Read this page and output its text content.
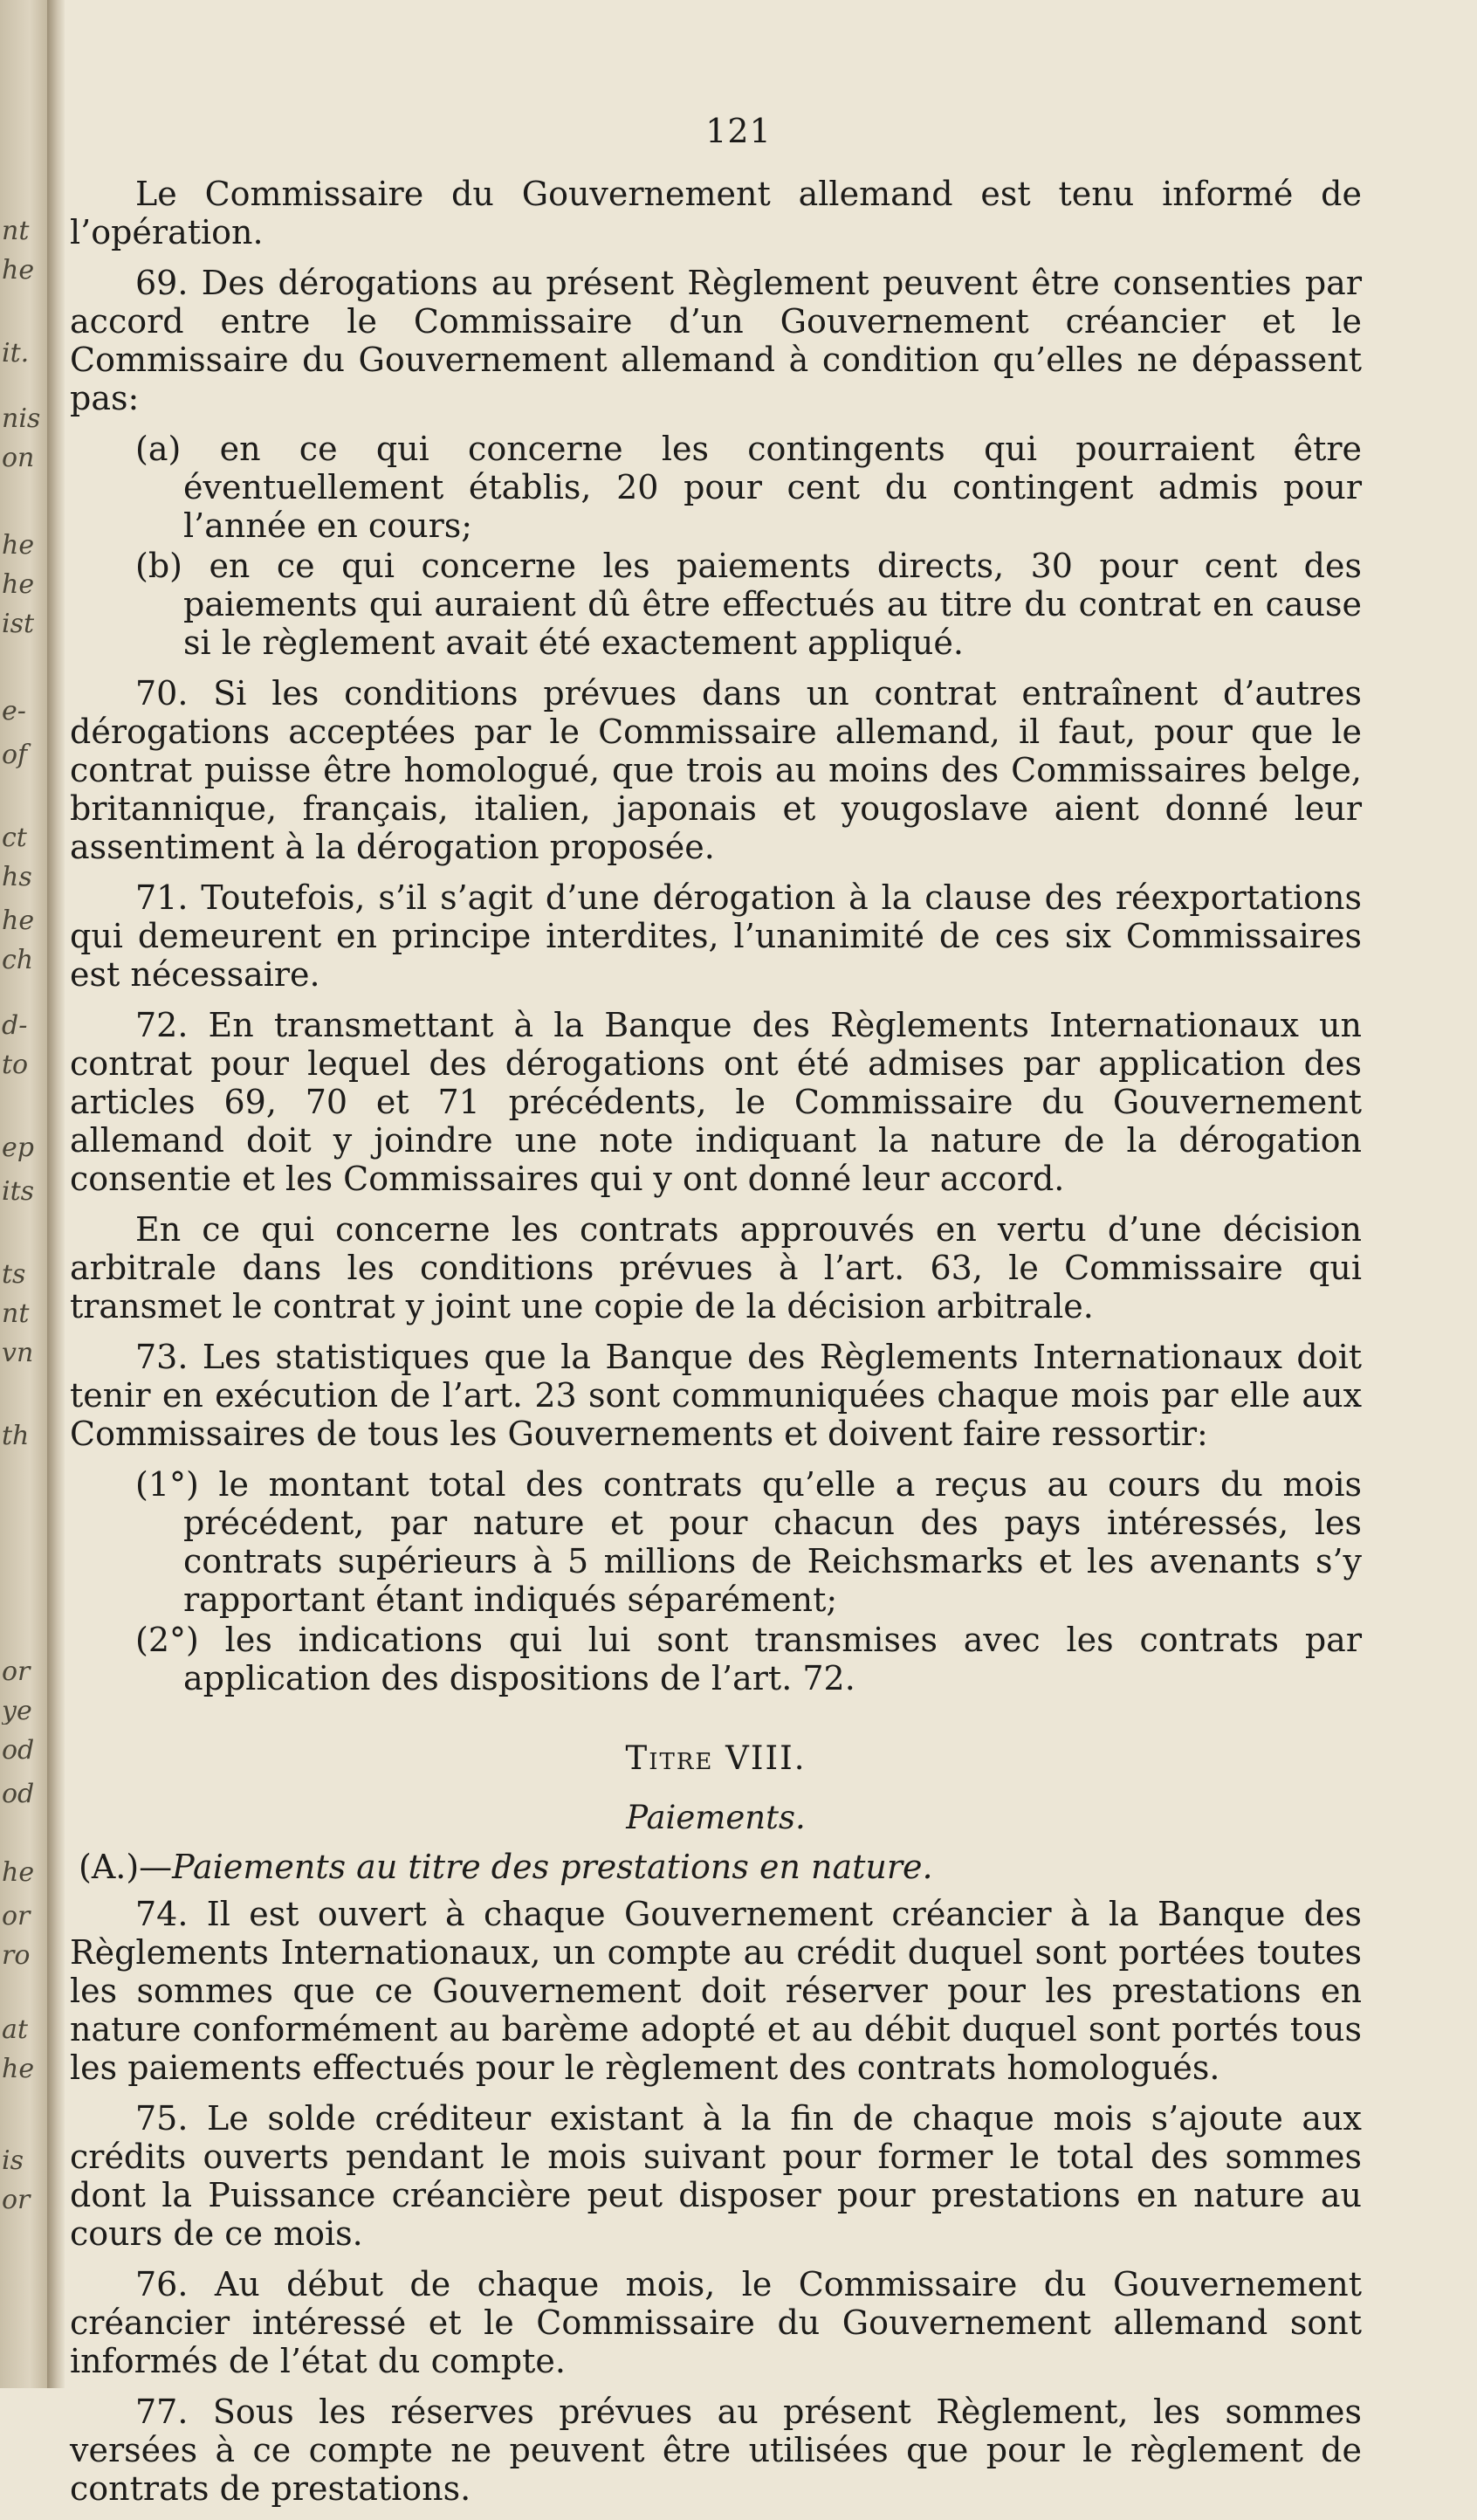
nt
he
it.
nis
on
he
he
ist
e-
of
ct
hs
he
ch
d-
to
ep
its
ts
nt
vn
th
or
ye
od
od
he
or
ro
at
he
is
or
121

Le Commissaire du Gouvernement allemand est tenu informé de l’opération.

69. Des dérogations au présent Règlement peuvent être consenties par accord entre le Commissaire d’un Gouvernement créancier et le Commissaire du Gouvernement allemand à condition qu’elles ne dépassent pas:

(a) en ce qui concerne les contingents qui pourraient être éventuellement établis, 20 pour cent du contingent admis pour l’année en cours;

(b) en ce qui concerne les paiements directs, 30 pour cent des paiements qui auraient dû être effectués au titre du contrat en cause si le règlement avait été exactement appliqué.

70. Si les conditions prévues dans un contrat entraînent d’autres dérogations acceptées par le Commissaire allemand, il faut, pour que le contrat puisse être homologué, que trois au moins des Commissaires belge, britannique, français, italien, japonais et yougoslave aient donné leur assentiment à la dérogation proposée.

71. Toutefois, s’il s’agit d’une dérogation à la clause des réexportations qui demeurent en principe interdites, l’unanimité de ces six Commissaires est nécessaire.

72. En transmettant à la Banque des Règlements Internationaux un contrat pour lequel des dérogations ont été admises par application des articles 69, 70 et 71 précédents, le Commissaire du Gouvernement allemand doit y joindre une note indiquant la nature de la dérogation consentie et les Commissaires qui y ont donné leur accord.

En ce qui concerne les contrats approuvés en vertu d’une décision arbitrale dans les conditions prévues à l’art. 63, le Commissaire qui transmet le contrat y joint une copie de la décision arbitrale.

73. Les statistiques que la Banque des Règlements Internationaux doit tenir en exécution de l’art. 23 sont communiquées chaque mois par elle aux Commissaires de tous les Gouvernements et doivent faire ressortir:

(1°) le montant total des contrats qu’elle a reçus au cours du mois précédent, par nature et pour chacun des pays intéressés, les contrats supérieurs à 5 millions de Reichsmarks et les avenants s’y rapportant étant indiqués séparément;

(2°) les indications qui lui sont transmises avec les contrats par application des dispositions de l’art. 72.

Titre VIII.
Paiements.

(A.)—Paiements au titre des prestations en nature.

74. Il est ouvert à chaque Gouvernement créancier à la Banque des Règlements Internationaux, un compte au crédit duquel sont portées toutes les sommes que ce Gouvernement doit réserver pour les prestations en nature conformément au barème adopté et au débit duquel sont portés tous les paiements effectués pour le règlement des contrats homologués.

75. Le solde créditeur existant à la fin de chaque mois s’ajoute aux crédits ouverts pendant le mois suivant pour former le total des sommes dont la Puissance créancière peut disposer pour prestations en nature au cours de ce mois.

76. Au début de chaque mois, le Commissaire du Gouvernement créancier intéressé et le Commissaire du Gouvernement allemand sont informés de l’état du compte.

77. Sous les réserves prévues au présent Règlement, les sommes versées à ce compte ne peuvent être utilisées que pour le règlement de contrats de prestations.
